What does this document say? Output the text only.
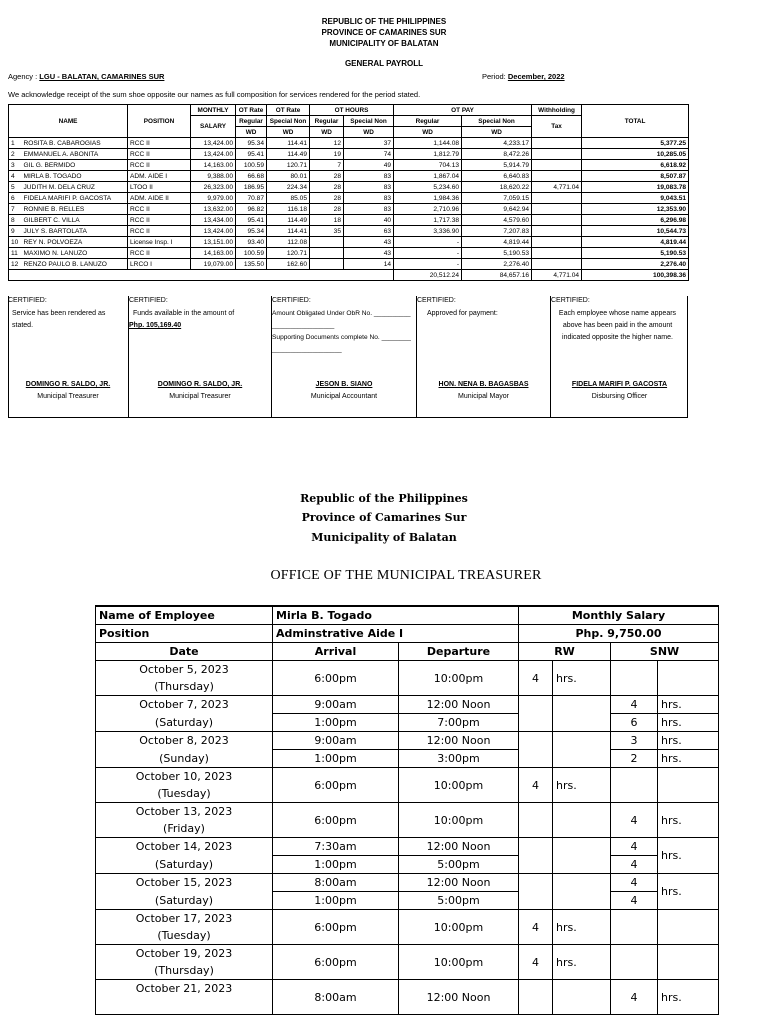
REPUBLIC OF THE PHILIPPINES
PROVINCE OF CAMARINES SUR
MUNICIPALITY OF BALATAN
GENERAL PAYROLL
Agency : LGU - BALATAN, CAMARINES SUR	Period: December, 2022
We acknowledge receipt of the sum shoe opposite our names as full composition for services rendered for the period stated.
NAME		POSITION	MONTHLY	OT Rate	OT Rate	OT HOURS		OT PAY		Withholding	TOTAL
			SALARY	Regular	Special Non	Regular	Special Non	Regular	Special Non	Tax	
				WD	WD	WD	WD	WD	WD		
1	ROSITA B. CABAROGIAS	RCC II	13,424.00	95.34	114.41	12	37	1,144.08	4,233.17		5,377.25
2	EMMANUEL A. ABONITA	RCC II	13,424.00	95.41	114.49	19	74	1,812.79	8,472.26		10,285.05
3	GIL G. BERMIDO	RCC II	14,163.00	100.59	120.71	7	49	704.13	5,914.79		6,618.92
4	MIRLA B. TOGADO	ADM. AIDE I	9,388.00	66.68	80.01	28	83	1,867.04	6,640.83		8,507.87
5	JUDITH M. DELA CRUZ	LTOO II	26,323.00	186.95	224.34	28	83	5,234.60	18,620.22	4,771.04	19,083.78
6	FIDELA MARIFI P. GACOSTA	ADM. AIDE II	9,979.00	70.87	85.05	28	83	1,984.36	7,059.15		9,043.51
7	RONNIE B. RELLES	RCC II	13,632.00	96.82	116.18	28	83	2,710.96	9,642.94		12,353.90
8	GILBERT C. VILLA	RCC II	13,434.00	95.41	114.49	18	40	1,717.38	4,579.60		6,296.98
9	JULY S. BARTOLATA	RCC II	13,424.00	95.34	114.41	35	63	3,336.90	7,207.83		10,544.73
10	REY N. POLVOEZA	License Insp. I	13,151.00	93.40	112.08		43	-	4,819.44		4,819.44
11	MAXIMO N. LANUZO	RCC II	14,163.00	100.59	120.71		43	-	5,190.53		5,190.53
12	RENZO PAULO B. LANUZO	LRCO I	19,079.00	135.50	162.60		14	-	2,276.40		2,276.40
								20,512.24	84,657.16	4,771.04	100,398.36
CERTIFIED:
Service has been rendered as stated.
DOMINGO R. SALDO, JR.
Municipal Treasurer
CERTIFIED:
Funds available in the amount of
Php. 105,169.40
DOMINGO R. SALDO, JR.
Municipal Treasurer
CERTIFIED:
Amount Obligated Under ObR No. ___________________________
Supporting Documents complete No. ___________________________
JESON B. SIANO
Municipal Accountant
CERTIFIED:
Approved for payment:
HON. NENA B. BAGASBAS
Municipal Mayor
CERTIFIED:
Each employee whose name appears above has been paid in the amount indicated opposite the higher name.
FIDELA MARIFI P. GACOSTA
Disbursing Officer
Republic of the Philippines
Province of Camarines Sur
Municipality of Balatan
OFFICE OF THE MUNICIPAL TREASURER
Name of Employee	Mirla B. Togado		Monthly Salary			
Position	Adminstrative Aide I		Php. 9,750.00			
Date	Arrival	Departure	RW		SNW	
October 5, 2023	6:00pm	10:00pm	4	hrs.		
(Thursday)						
October 7, 2023	9:00am	12:00 Noon			4	hrs.
(Saturday)	1:00pm	7:00pm			6	hrs.
October 8, 2023	9:00am	12:00 Noon			3	hrs.
(Sunday)	1:00pm	3:00pm			2	hrs.
October 10, 2023	6:00pm	10:00pm	4	hrs.		
(Tuesday)						
October 13, 2023	6:00pm	10:00pm			4	hrs.
(Friday)						
October 14, 2023	7:30am	12:00 Noon			4	hrs.
(Saturday)	1:00pm	5:00pm			4	
October 15, 2023	8:00am	12:00 Noon			4	hrs.
(Saturday)	1:00pm	5:00pm			4	
October 17, 2023	6:00pm	10:00pm	4	hrs.		
(Tuesday)						
October 19, 2023	6:00pm	10:00pm	4	hrs.		
(Thursday)						
October 21, 2023	8:00am	12:00 Noon			4	hrs.
